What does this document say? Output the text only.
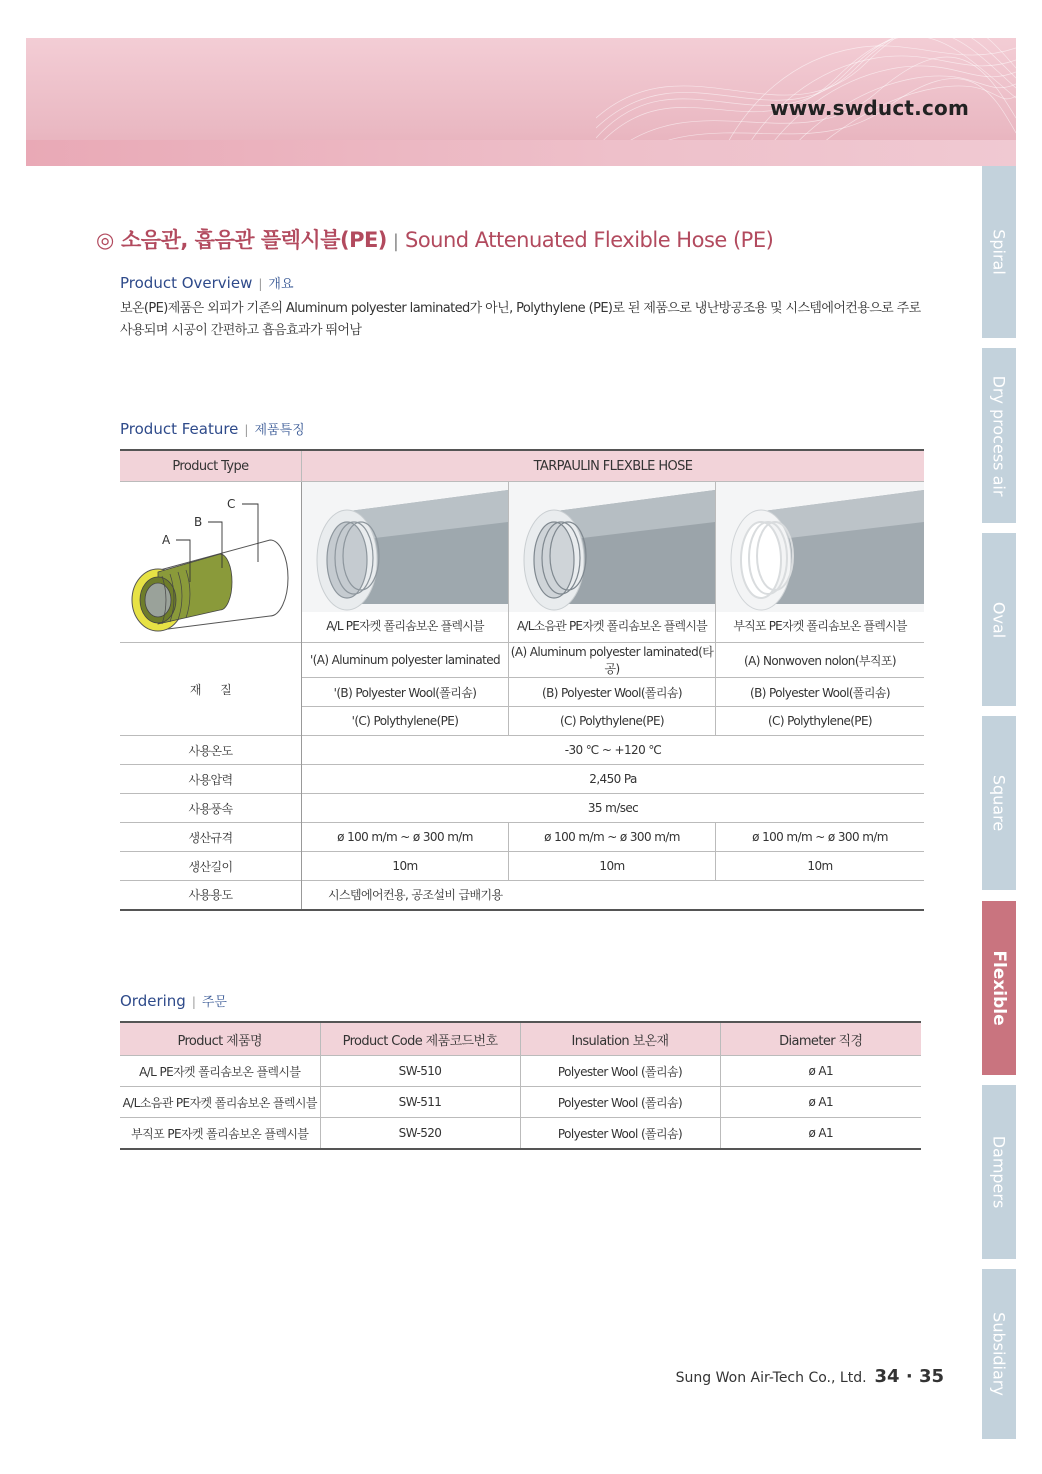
www.swduct.com
Spiral
Dry process air
Oval
Square
Flexible
Dampers
Subsidiary
◎ 소음관, 흡음관 플렉시블(PE) | Sound Attenuated Flexible Hose (PE)
Product Overview | 개요
보온(PE)제품은 외피가 기존의 Aluminum polyester laminated가 아닌, Polythylene (PE)로 된 제품으로 냉난방공조용 및 시스템에어컨용으로 주로 사용되며 시공이 간편하고 흡음효과가 뛰어남
Product Feature | 제품특징
Product Type	TARPAULIN FLEXBLE HOSE		

A
B
C	A/L PE자켓 폴리솜보온 플렉시블	A/L소음관 PE자켓 폴리솜보온 플렉시블	부직포 PE자켓 폴리솜보온 플렉시블

재      질	'(A) Aluminum polyester laminated	(A) Aluminum polyester laminated(타공)	(A) Nonwoven nolon(부직포)
	'(B) Polyester Wool(폴리솜)	(B) Polyester Wool(폴리솜)	(B) Polyester Wool(폴리솜)
	'(C) Polythylene(PE)	(C) Polythylene(PE)	(C) Polythylene(PE)
사용온도	-30 ℃ ~ +120 ℃		
사용압력	2,450 Pa		
사용풍속	35 m/sec		
생산규격	ø 100 m/m ~ ø 300 m/m	ø 100 m/m ~ ø 300 m/m	ø 100 m/m ~ ø 300 m/m
생산길이	10m	10m	10m
사용용도	시스템에어컨용, 공조설비 급배기용		
Ordering | 주문
Product 제품명	Product Code 제품코드번호	Insulation 보온재	Diameter 직경
A/L PE자켓 폴리솜보온 플렉시블	SW-510	Polyester Wool (폴리솜)	ø A1
A/L소음관 PE자켓 폴리솜보온 플렉시블	SW-511	Polyester Wool (폴리솜)	ø A1
부직포 PE자켓 폴리솜보온 플렉시블	SW-520	Polyester Wool (폴리솜)	ø A1
Sung Won Air-Tech Co., Ltd. 34 · 35
